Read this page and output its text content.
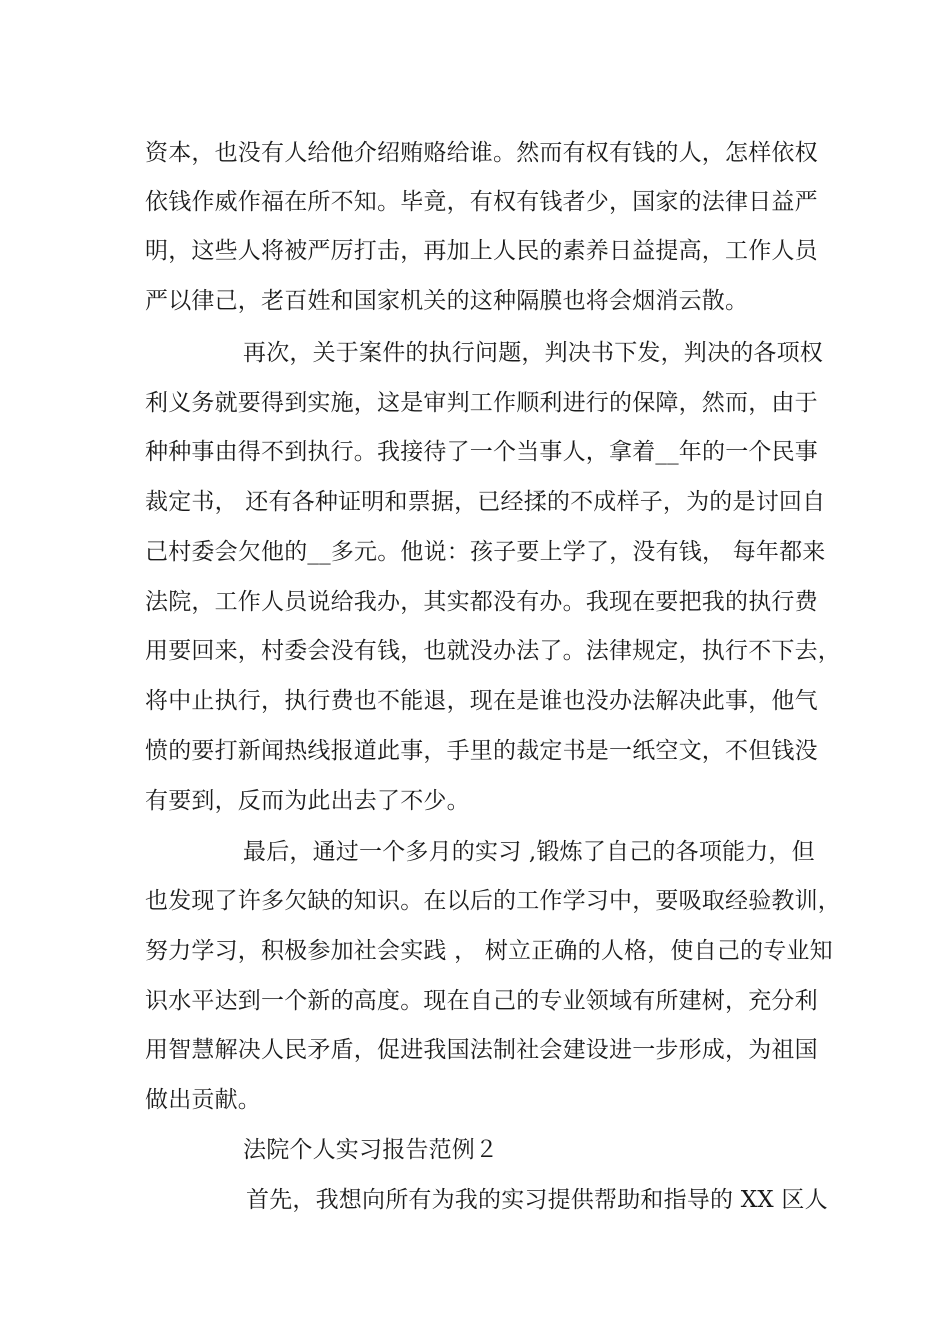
资本，也没有人给他介绍贿赂给谁。然而有权有钱的人，怎样依权
依钱作威作福在所不知。毕竟，有权有钱者少，国家的法律日益严
明，这些人将被严厉打击，再加上人民的素养日益提高，工作人员
严以律己，老百姓和国家机关的这种隔膜也将会烟消云散。
再次，关于案件的执行问题，判决书下发，判决的各项权
利义务就要得到实施，这是审判工作顺利进行的保障，然而，由于
种种事由得不到执行。我接待了一个当事人，拿着__年的一个民事
裁定书， 还有各种证明和票据，已经揉的不成样子，为的是讨回自
己村委会欠他的__多元。他说：孩子要上学了，没有钱， 每年都来
法院，工作人员说给我办，其实都没有办。我现在要把我的执行费
用要回来，村委会没有钱，也就没办法了。法律规定，执行不下去，
将中止执行，执行费也不能退，现在是谁也没办法解决此事，他气
愤的要打新闻热线报道此事，手里的裁定书是一纸空文，不但钱没
有要到，反而为此出去了不少。
最后，通过一个多月的实习 ,锻炼了自己的各项能力，但
也发现了许多欠缺的知识。在以后的工作学习中，要吸取经验教训，
努力学习，积极参加社会实践 ， 树立正确的人格，使自己的专业知
识水平达到一个新的高度。现在自己的专业领域有所建树，充分利
用智慧解决人民矛盾，促进我国法制社会建设进一步形成，为祖国
做出贡献。
法院个人实习报告范例２
首先，我想向所有为我的实习提供帮助和指导的 XX 区人
